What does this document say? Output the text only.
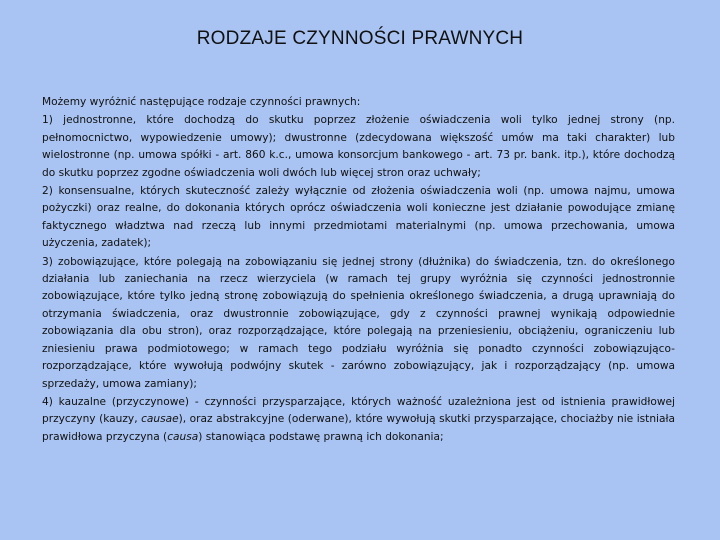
RODZAJE CZYNNOŚCI PRAWNYCH

Możemy wyróżnić następujące rodzaje czynności prawnych:

1) jednostronne, które dochodzą do skutku poprzez złożenie oświadczenia woli tylko jednej strony (np. pełnomocnictwo, wypowiedzenie umowy); dwustronne (zdecydowana większość umów ma taki charakter) lub wielostronne (np. umowa spółki - art. 860 k.c., umowa konsorcjum bankowego - art. 73 pr. bank. itp.), które dochodzą do skutku poprzez zgodne oświadczenia woli dwóch lub więcej stron oraz uchwały;

2) konsensualne, których skuteczność zależy wyłącznie od złożenia oświadczenia woli (np. umowa najmu, umowa pożyczki) oraz realne, do dokonania których oprócz oświadczenia woli konieczne jest działanie powodujące zmianę faktycznego władztwa nad rzeczą lub innymi przedmiotami materialnymi (np. umowa przechowania, umowa użyczenia, zadatek);

3) zobowiązujące, które polegają na zobowiązaniu się jednej strony (dłużnika) do świadczenia, tzn. do określonego działania lub zaniechania na rzecz wierzyciela (w ramach tej grupy wyróżnia się czynności jednostronnie zobowiązujące, które tylko jedną stronę zobowiązują do spełnienia określonego świadczenia, a drugą uprawniają do otrzymania świadczenia, oraz dwustronnie zobowiązujące, gdy z czynności prawnej wynikają odpowiednie zobowiązania dla obu stron), oraz rozporządzające, które polegają na przeniesieniu, obciążeniu, ograniczeniu lub zniesieniu prawa podmiotowego; w ramach tego podziału wyróżnia się ponadto czynności zobowiązująco-rozporządzające, które wywołują podwójny skutek - zarówno zobowiązujący, jak i rozporządzający (np. umowa sprzedaży, umowa zamiany);

4) kauzalne (przyczynowe) - czynności przysparzające, których ważność uzależniona jest od istnienia prawidłowej przyczyny (kauzy, causae), oraz abstrakcyjne (oderwane), które wywołują skutki przysparzające, chociażby nie istniała prawidłowa przyczyna (causa) stanowiąca podstawę prawną ich dokonania;
